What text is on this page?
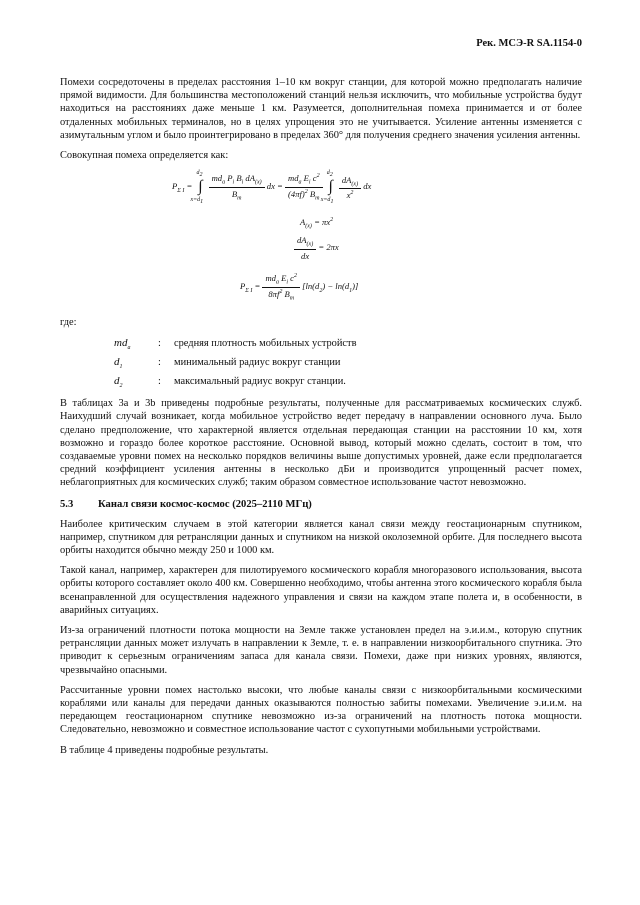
Рек. МСЭ-R SA.1154-0

Помехи сосредоточены в пределах расстояния 1–10 км вокруг станции, для которой можно предполагать наличие прямой видимости. Для большинства местоположений станций нельзя исключить, что мобильные устройства будут находиться на расстояниях даже меньше 1 км. Разумеется, дополнительная помеха принимается и от более отдаленных мобильных терминалов, но в целях упрощения это не учитывается. Усиление антенны изменяется с азимутальным углом и было проинтегрировано в пределах 360° для получения среднего значения усиления антенны.

Совокупная помеха определяется как:

$P_{\Sigma I}$ = ∫
$d_2$
$x=d_1$

$\frac{md_a P_i B_i dA_{(x)}}{B_m}$ dx = $\frac{md_a E_i c^2}{(4\pi f)^2 B_m}$ ∫
$d_2$
$x=d_1$

$\frac{dA_{(x)}}{x^2}$ dx
$A_{(x)} = \pi x^2$
$\frac{dA_{(x)}}{dx} = 2\pi x$
$P_{\Sigma I} = \frac{md_a E_i c^2}{8\pi f^2 B_m} [\ln(d_2) - \ln(d_1)]$
где:
$md_a$	:	средняя плотность мобильных устройств
$d_1$	:	минимальный радиус вокруг станции
$d_2$	:	максимальный радиус вокруг станции.

В таблицах 3а и 3b приведены подробные результаты, полученные для рассматриваемых космических служб. Наихудший случай возникает, когда мобильное устройство ведет передачу в направлении основного луча. Было сделано предположение, что характерной является отдельная передающая станции на расстоянии 10 км, хотя возможно и гораздо более короткое расстояние. Основной вывод, который можно сделать, состоит в том, что создаваемые уровни помех на несколько порядков величины выше допустимых уровней, даже если предполагается средний коэффициент усиления антенны в несколько дБи и производится упрощенный расчет помех, неблагоприятных для космических служб; таким образом совместное использование частот невозможно.

5.3	Канал связи космос-космос (2025–2110 МГц)

Наиболее критическим случаем в этой категории является канал связи между геостационарным спутником, например, спутником для ретрансляции данных и спутником на низкой околоземной орбите. Для последнего высота орбиты находится обычно между 250 и 1000 км.

Такой канал, например, характерен для пилотируемого космического корабля многоразового использования, высота орбиты которого составляет около 400 км. Совершенно необходимо, чтобы антенна этого космического корабля была всенаправленной для осуществления надежного управления и связи на каждом этапе полета и, в особенности, в аварийных ситуациях.

Из-за ограничений плотности потока мощности на Земле также установлен предел на э.и.и.м., которую спутник ретрансляции данных может излучать в направлении к Земле, т. е. в направлении низкоорбитального спутника. Это приводит к серьезным ограничениям запаса для канала связи. Помехи, даже при низких уровнях, являются, чрезвычайно опасными.

Рассчитанные уровни помех настолько высоки, что любые каналы связи с низкоорбитальными космическими кораблями или каналы для передачи данных оказываются полностью забиты помехами. Увеличение э.и.и.м. на передающем геостационарном спутнике невозможно из-за ограничений на плотность потока мощности. Следовательно, невозможно и совместное использование частот с сухопутными мобильными устройствами.

В таблице 4 приведены подробные результаты.
